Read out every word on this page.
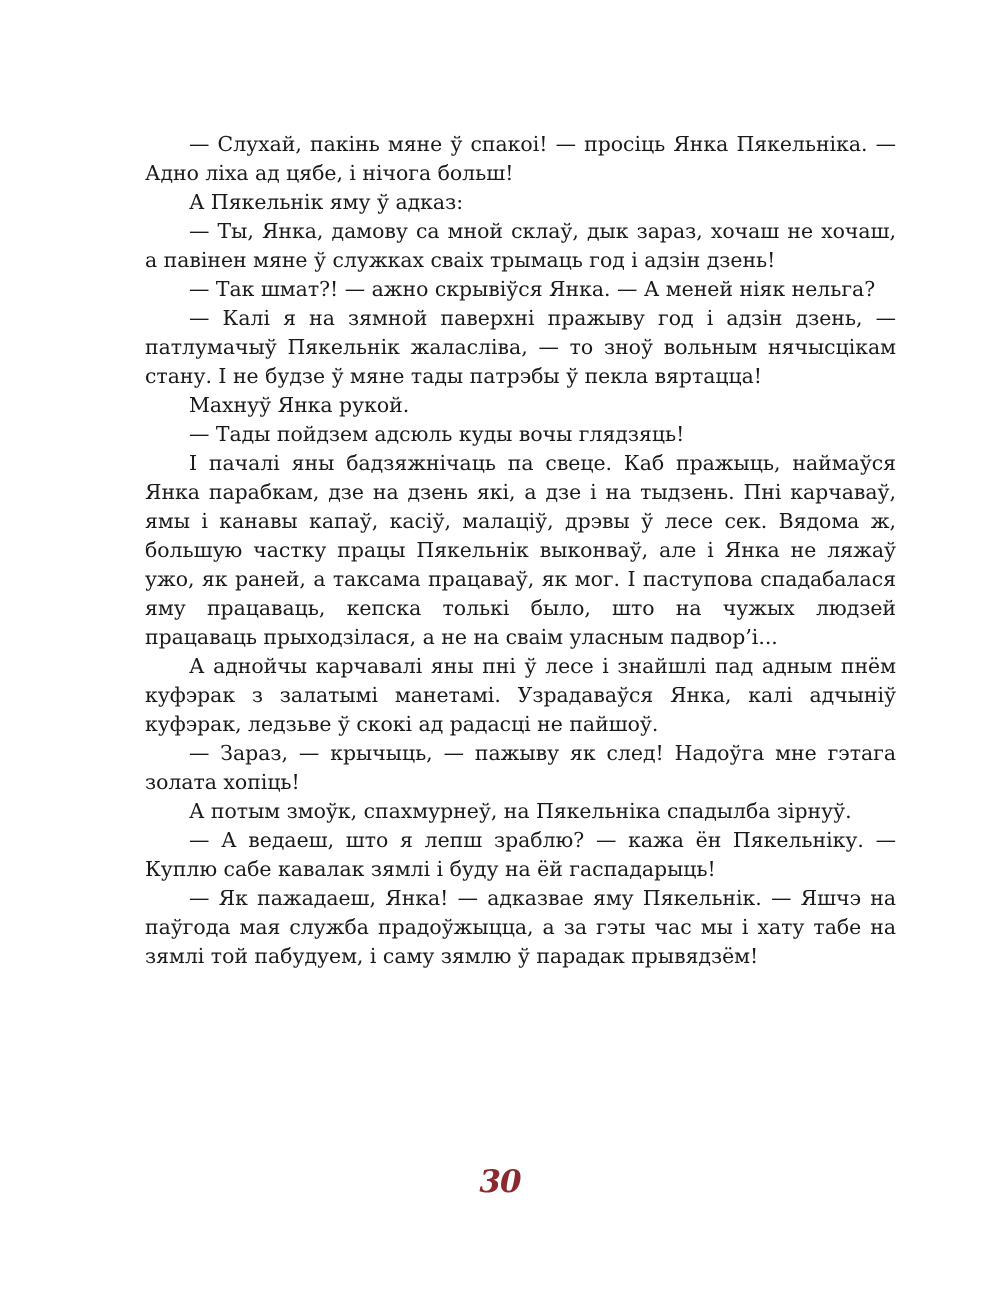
— Слухай, пакінь мяне ў спакоі! — просіць Янка Пякельніка. — Адно ліха ад цябе, і нічога больш!

А Пякельнік яму ў адказ:

— Ты, Янка, дамову са мной склаў, дык зараз, хочаш не хочаш, а павінен мяне ў служках сваіх трымаць год і адзін дзень!

— Так шмат?! — ажно скрывіўся Янка. — А меней ніяк нельга?

— Калі я на зямной паверхні пражыву год і адзін дзень, — патлумачыў Пякельнік жаласліва, — то зноў вольным нячысцікам стану. І не будзе ў мяне тады патрэбы ў пекла вяртацца!

Махнуў Янка рукой.

— Тады пойдзем адсюль куды вочы глядзяць!

І пачалі яны бадзяжнічаць па свеце. Каб пражыць, наймаўся Янка парабкам, дзе на дзень які, а дзе і на тыдзень. Пні карчаваў, ямы і канавы капаў, касіў, малаціў, дрэвы ў лесе сек. Вядома ж, большую частку працы Пякельнік выконваў, але і Янка не ляжаў ужо, як раней, а таксама працаваў, як мог. І паступова спадабалася яму працаваць, кепска толькі было, што на чужых людзей працаваць прыходзілася, а не на сваім уласным падвор’і...

А аднойчы карчавалі яны пні ў лесе і знайшлі пад адным пнём куфэрак з залатымі манетамі. Узрадаваўся Янка, калі адчыніў куфэрак, ледзьве ў скокі ад радасці не пайшоў.

— Зараз, — крычыць, — пажыву як след! Надоўга мне гэтага золата хопіць!

А потым змоўк, спахмурнеў, на Пякельніка спадылба зірнуў.

— А ведаеш, што я лепш зраблю? — кажа ён Пякельніку. — Куплю сабе кавалак зямлі і буду на ёй гаспадарыць!

— Як пажадаеш, Янка! — адказвае яму Пякельнік. — Яшчэ на паўгода мая служба прадоўжыцца, а за гэты час мы і хату табе на зямлі той пабудуем, і саму зямлю ў парадак прывядзём!

30
